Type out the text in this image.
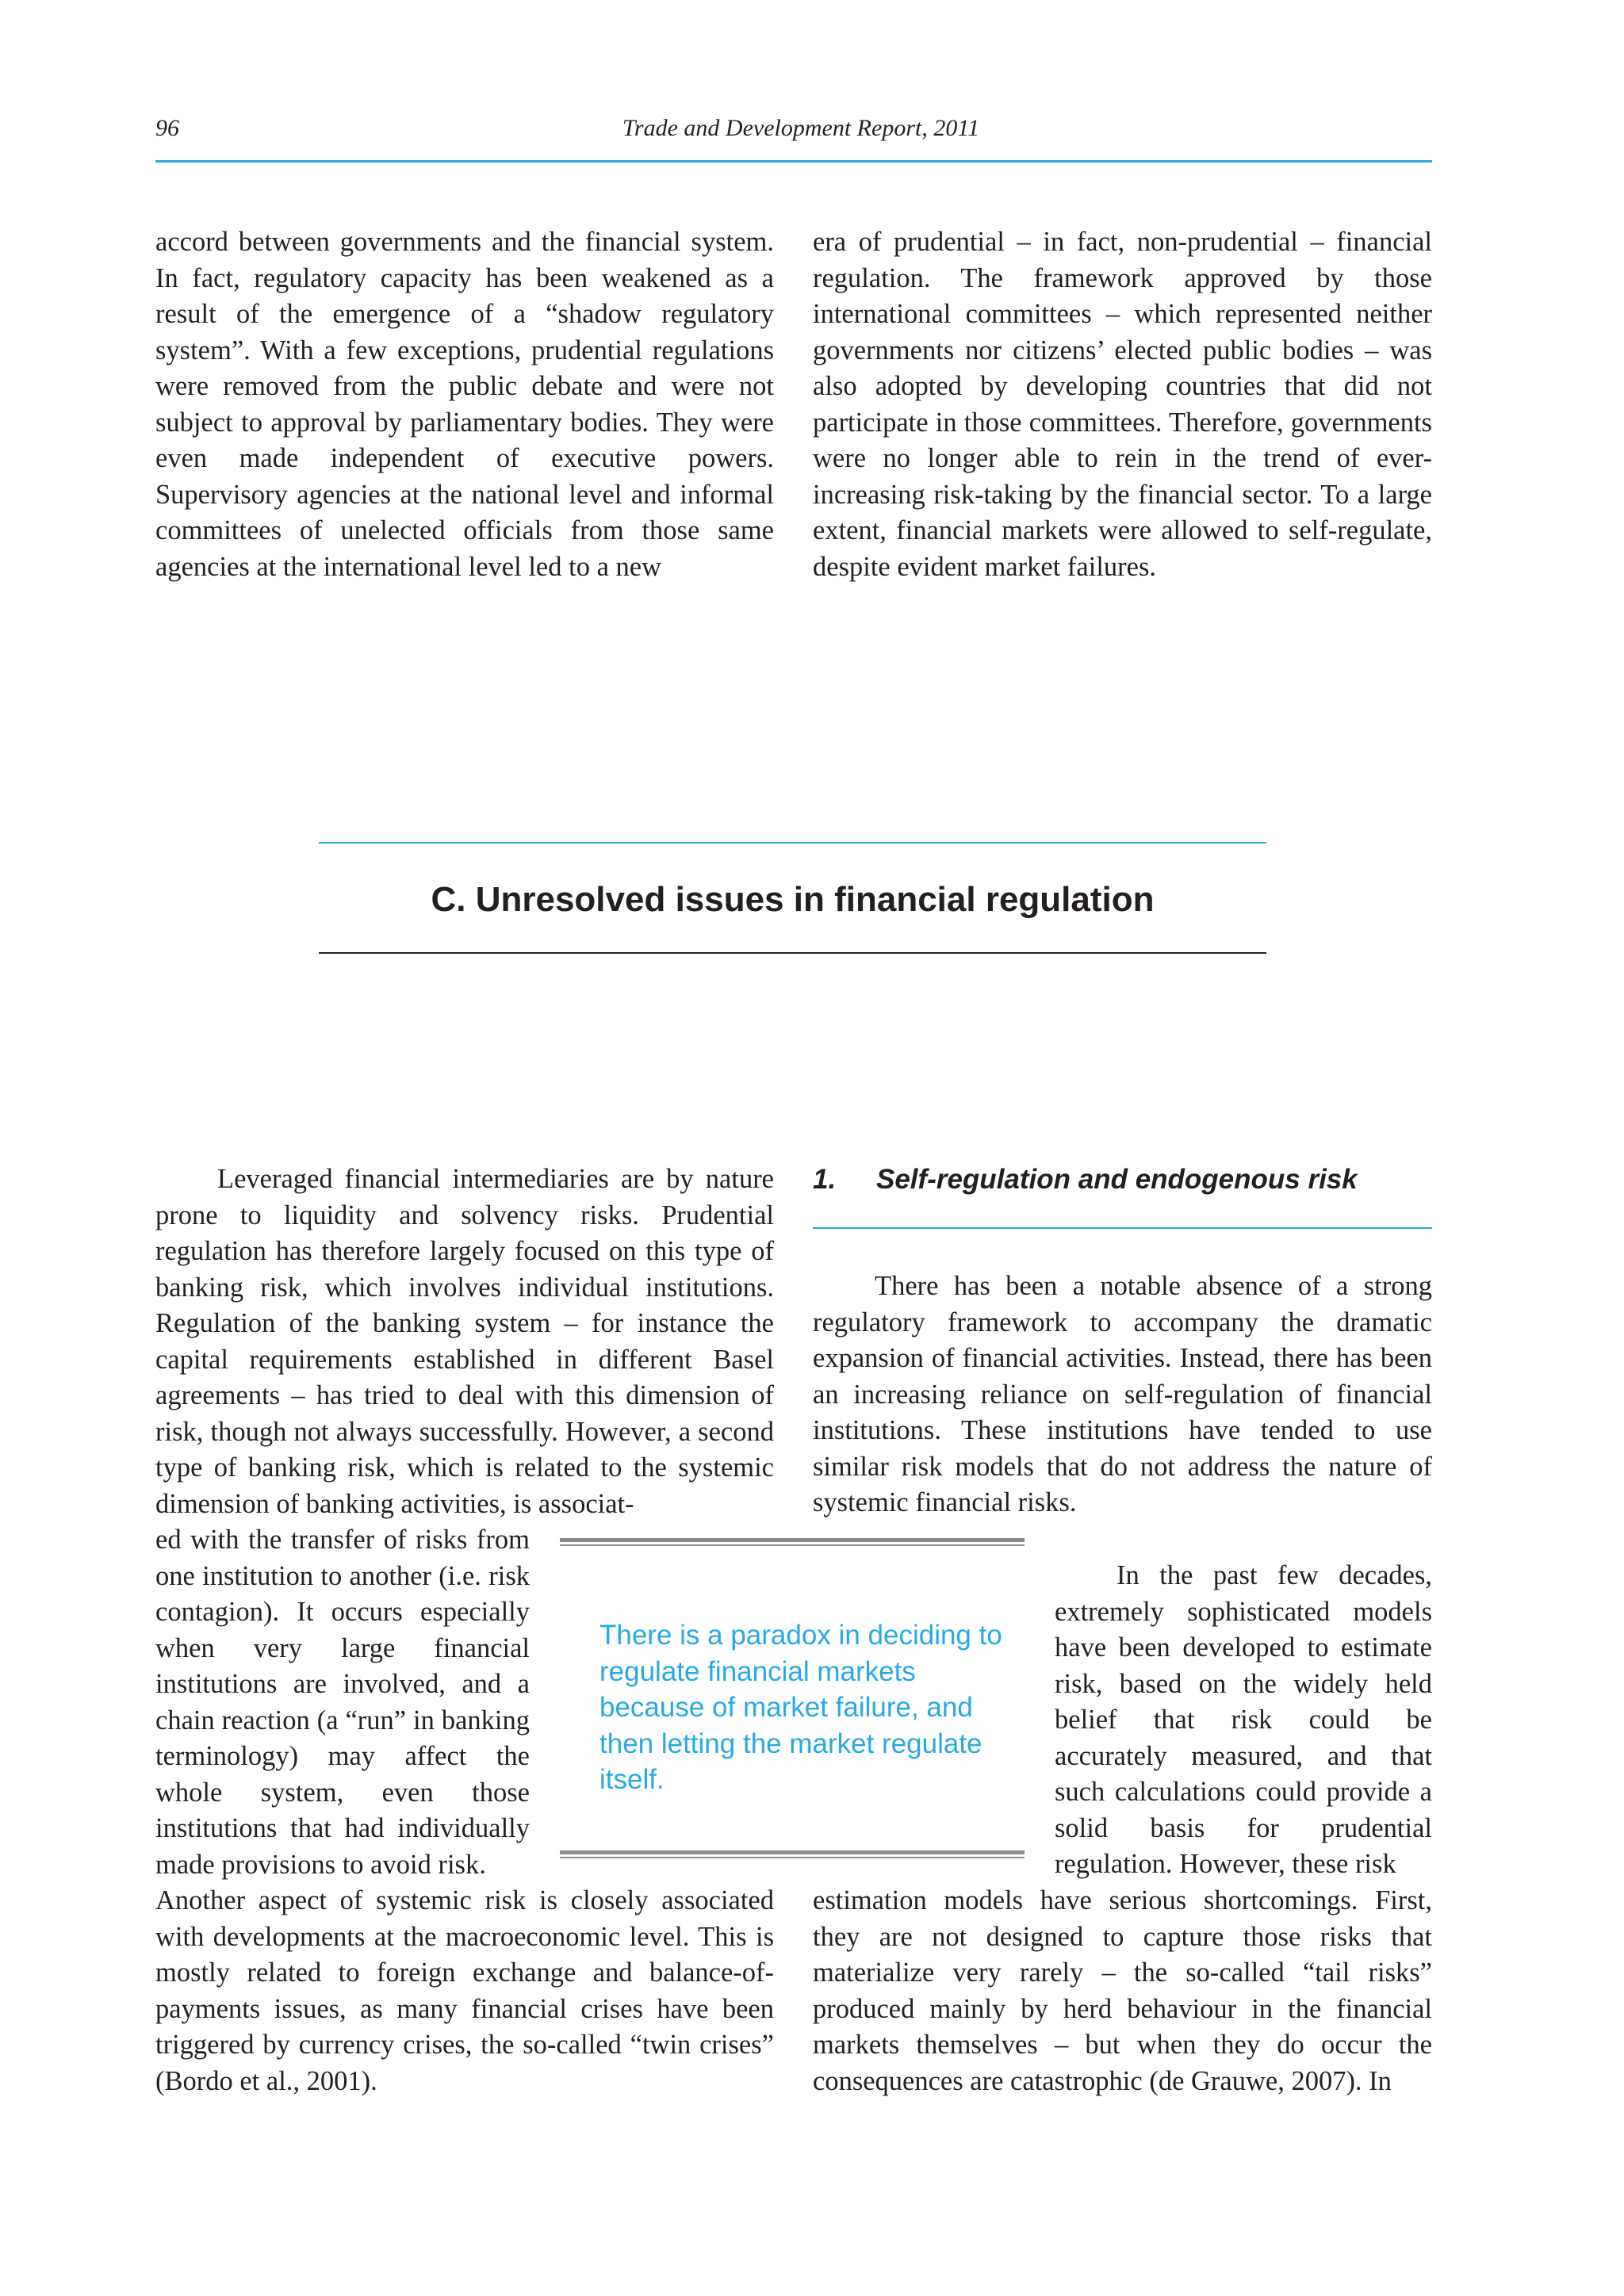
96	Trade and Development Report, 2011

accord between governments and the financial system. In fact, regulatory capacity has been weakened as a result of the emergence of a “shadow regulatory system”. With a few exceptions, prudential regulations were removed from the public debate and were not subject to approval by parliamentary bodies. They were even made independent of executive powers. Supervisory agencies at the national level and informal committees of unelected officials from those same agencies at the international level led to a new

era of prudential – in fact, non-prudential – financial regulation. The framework approved by those international committees – which represented neither governments nor citizens’ elected public bodies – was also adopted by developing countries that did not participate in those committees. Therefore, governments were no longer able to rein in the trend of ever-increasing risk-taking by the financial sector. To a large extent, financial markets were allowed to self-regulate, despite evident market failures.

C. Unresolved issues in financial regulation

Leveraged financial intermediaries are by nature prone to liquidity and solvency risks. Prudential regulation has therefore largely focused on this type of banking risk, which involves individual institutions. Regulation of the banking system – for instance the capital requirements established in different Basel agreements – has tried to deal with this dimension of risk, though not always successfully. However, a second type of banking risk, which is related to the systemic dimension of banking activities, is associat-

ed with the transfer of risks from one institution to another (i.e. risk contagion). It occurs especially when very large financial institutions are involved, and a chain reaction (a “run” in banking terminology) may affect the whole system, even those institutions that had individually made provisions to avoid risk.

There is a paradox in deciding to regulate financial markets because of market failure, and then letting the market regulate itself.

Another aspect of systemic risk is closely associated with developments at the macroeconomic level. This is mostly related to foreign exchange and balance-of-payments issues, as many financial crises have been triggered by currency crises, the so-called “twin crises” (Bordo et al., 2001).

1. Self-regulation and endogenous risk

There has been a notable absence of a strong regulatory framework to accompany the dramatic expansion of financial activities. Instead, there has been an increasing reliance on self-regulation of financial institutions. These institutions have tended to use similar risk models that do not address the nature of systemic financial risks.

In the past few decades, extremely sophisticated models have been developed to estimate risk, based on the widely held belief that risk could be accurately measured, and that such calculations could provide a solid basis for prudential regulation. However, these risk

estimation models have serious shortcomings. First, they are not designed to capture those risks that materialize very rarely – the so-called “tail risks” produced mainly by herd behaviour in the financial markets themselves – but when they do occur the consequences are catastrophic (de Grauwe, 2007). In
